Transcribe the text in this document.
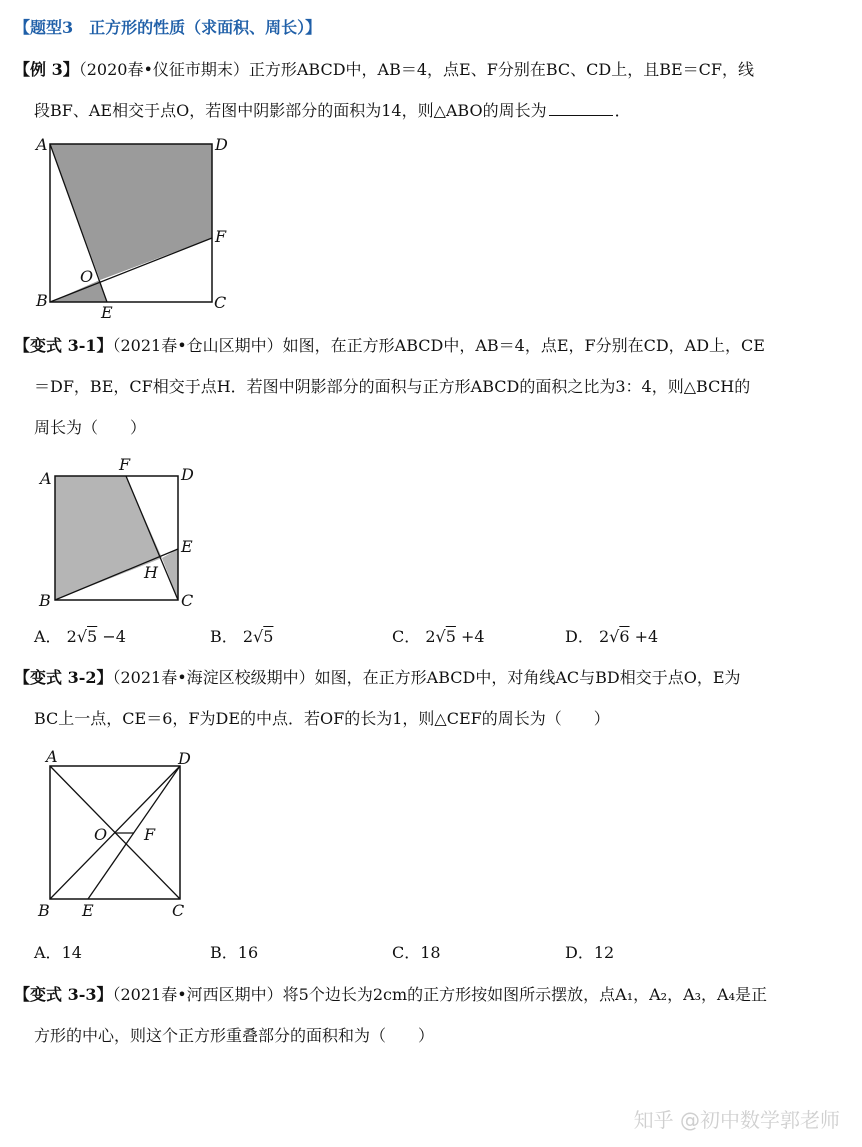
【题型3　正方形的性质（求面积、周长）】
【例 3】（2020春•仪征市期末）正方形ABCD中，AB＝4，点E、F分别在BC、CD上，且BE＝CF，线
段BF、AE相交于点O，若图中阴影部分的面积为14，则△ABO的周长为	．
A	D
B	C
E
F
O
【变式 3-1】（2021春•仓山区期中）如图，在正方形ABCD中，AB＝4，点E，F分别在CD，AD上，CE
＝DF，BE，CF相交于点H．若图中阴影部分的面积与正方形ABCD的面积之比为3：4，则△BCH的
周长为（　　）
A
F
D
E
H
B	C
A． 2√5 −4	B． 2√5	C． 2√5 +4	D． 2√6 +4
【变式 3-2】（2021春•海淀区校级期中）如图，在正方形ABCD中，对角线AC与BD相交于点O，E为
BC上一点，CE＝6，F为DE的中点．若OF的长为1，则△CEF的周长为（　　）
A	D
O F
B E	C
A．14	B．16	C．18	D．12
【变式 3-3】（2021春•河西区期中）将5个边长为2cm的正方形按如图所示摆放，点A₁，A₂，A₃，A₄是正
方形的中心，则这个正方形重叠部分的面积和为（　　）
知乎 @初中数学郭老师
